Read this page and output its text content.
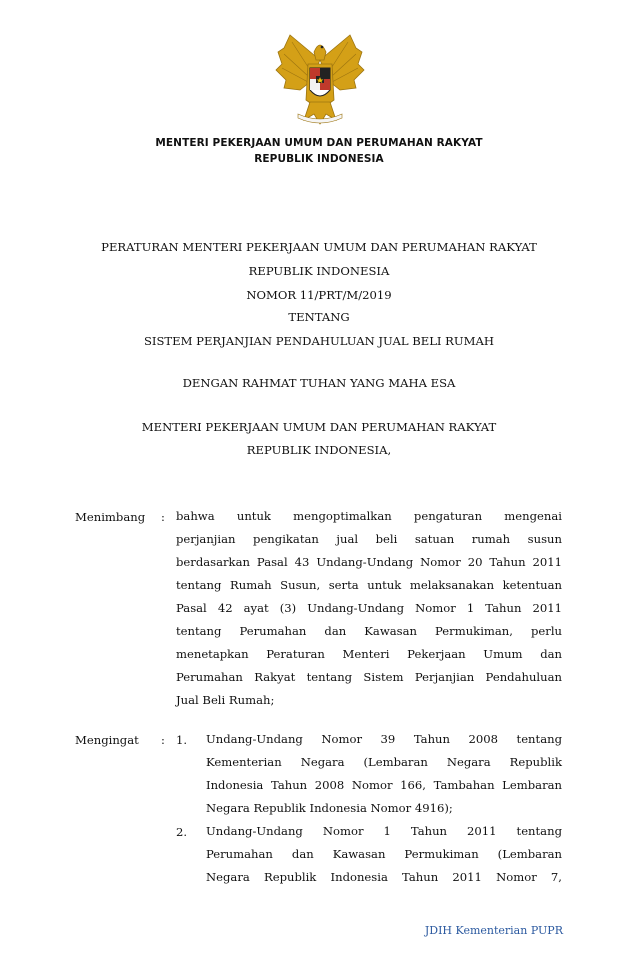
MENTERI PEKERJAAN UMUM DAN PERUMAHAN RAKYAT
REPUBLIK INDONESIA
PERATURAN MENTERI PEKERJAAN UMUM DAN PERUMAHAN RAKYAT
REPUBLIK INDONESIA
NOMOR 11/PRT/M/2019
TENTANG
SISTEM PERJANJIAN PENDAHULUAN JUAL BELI RUMAH
DENGAN RAHMAT TUHAN YANG MAHA ESA
MENTERI PEKERJAAN UMUM DAN PERUMAHAN RAKYAT
REPUBLIK INDONESIA,
Menimbang : bahwa untuk mengoptimalkan pengaturan mengenai
perjanjian pengikatan jual beli satuan rumah susun
berdasarkan Pasal 43 Undang-Undang Nomor 20 Tahun 2011
tentang Rumah Susun, serta untuk melaksanakan ketentuan
Pasal 42 ayat (3) Undang-Undang Nomor 1 Tahun 2011
tentang Perumahan dan Kawasan Permukiman, perlu
menetapkan Peraturan Menteri Pekerjaan Umum dan
Perumahan Rakyat tentang Sistem Perjanjian Pendahuluan
Jual Beli Rumah;
Mengingat : 1. Undang-Undang Nomor 39 Tahun 2008 tentang
Kementerian Negara (Lembaran Negara Republik
Indonesia Tahun 2008 Nomor 166, Tambahan Lembaran
Negara Republik Indonesia Nomor 4916);
2. Undang-Undang Nomor 1 Tahun 2011 tentang
Perumahan dan Kawasan Permukiman (Lembaran
Negara Republik Indonesia Tahun 2011 Nomor 7,
JDIH Kementerian PUPR
